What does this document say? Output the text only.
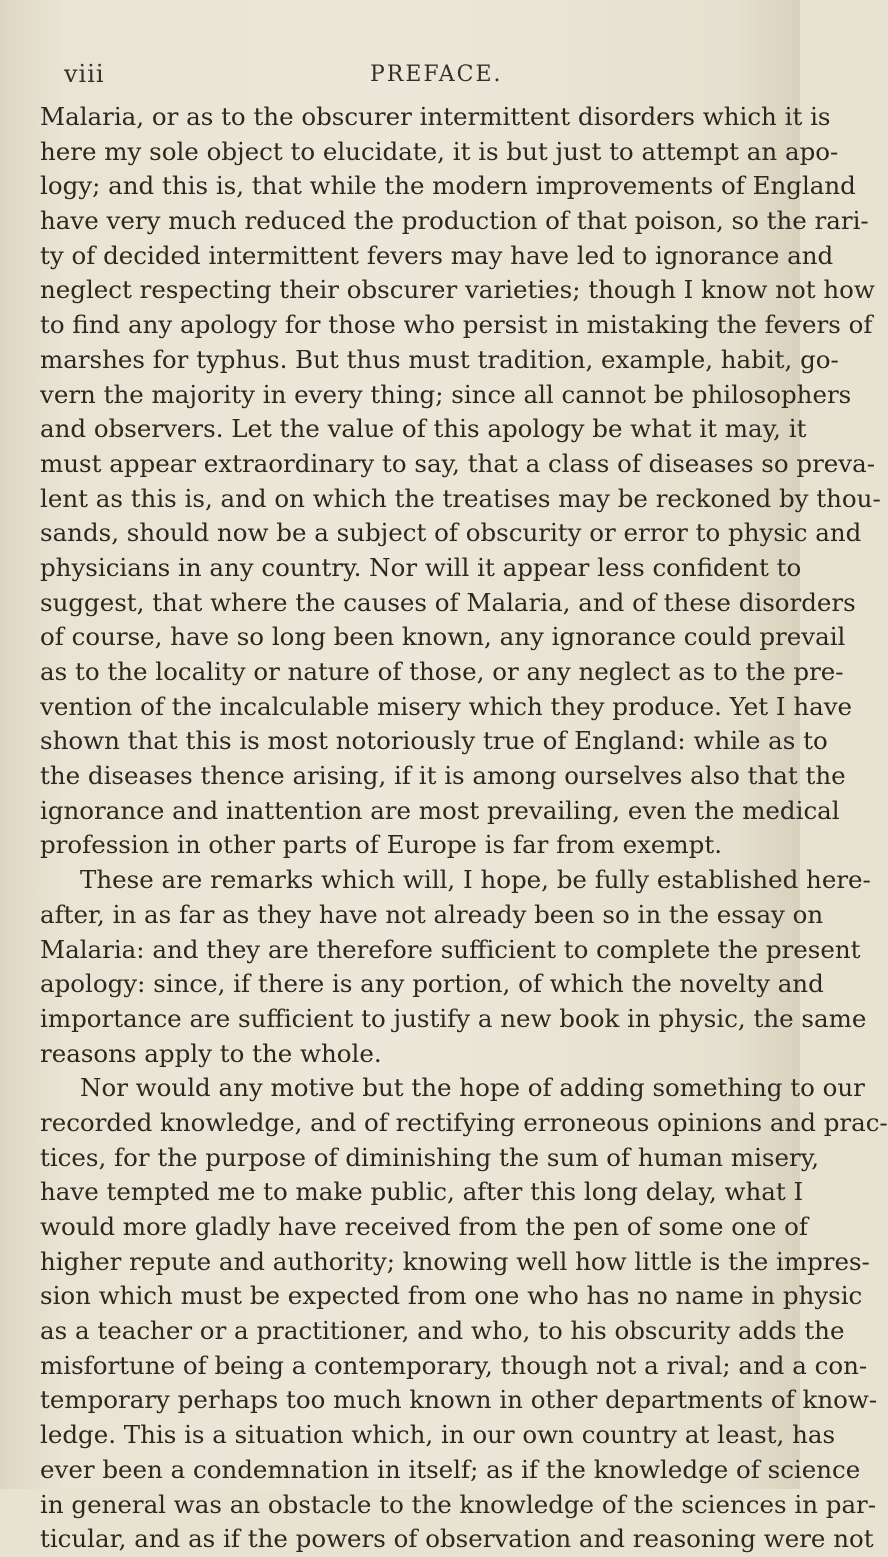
viii	PREFACE.
Malaria, or as to the obscurer intermittent disorders which it is
here my sole object to elucidate, it is but just to attempt an apo-
logy; and this is, that while the modern improvements of England
have very much reduced the production of that poison, so the rari-
ty of decided intermittent fevers may have led to ignorance and
neglect respecting their obscurer varieties; though I know not how
to find any apology for those who persist in mistaking the fevers of
marshes for typhus. But thus must tradition, example, habit, go-
vern the majority in every thing; since all cannot be philosophers
and observers. Let the value of this apology be what it may, it
must appear extraordinary to say, that a class of diseases so preva-
lent as this is, and on which the treatises may be reckoned by thou-
sands, should now be a subject of obscurity or error to physic and
physicians in any country. Nor will it appear less confident to
suggest, that where the causes of Malaria, and of these disorders
of course, have so long been known, any ignorance could prevail
as to the locality or nature of those, or any neglect as to the pre-
vention of the incalculable misery which they produce. Yet I have
shown that this is most notoriously true of England: while as to
the diseases thence arising, if it is among ourselves also that the
ignorance and inattention are most prevailing, even the medical
profession in other parts of Europe is far from exempt.
These are remarks which will, I hope, be fully established here-
after, in as far as they have not already been so in the essay on
Malaria: and they are therefore sufficient to complete the present
apology: since, if there is any portion, of which the novelty and
importance are sufficient to justify a new book in physic, the same
reasons apply to the whole.
Nor would any motive but the hope of adding something to our
recorded knowledge, and of rectifying erroneous opinions and prac-
tices, for the purpose of diminishing the sum of human misery,
have tempted me to make public, after this long delay, what I
would more gladly have received from the pen of some one of
higher repute and authority; knowing well how little is the impres-
sion which must be expected from one who has no name in physic
as a teacher or a practitioner, and who, to his obscurity adds the
misfortune of being a contemporary, though not a rival; and a con-
temporary perhaps too much known in other departments of know-
ledge. This is a situation which, in our own country at least, has
ever been a condemnation in itself; as if the knowledge of science
in general was an obstacle to the knowledge of the sciences in par-
ticular, and as if the powers of observation and reasoning were not
